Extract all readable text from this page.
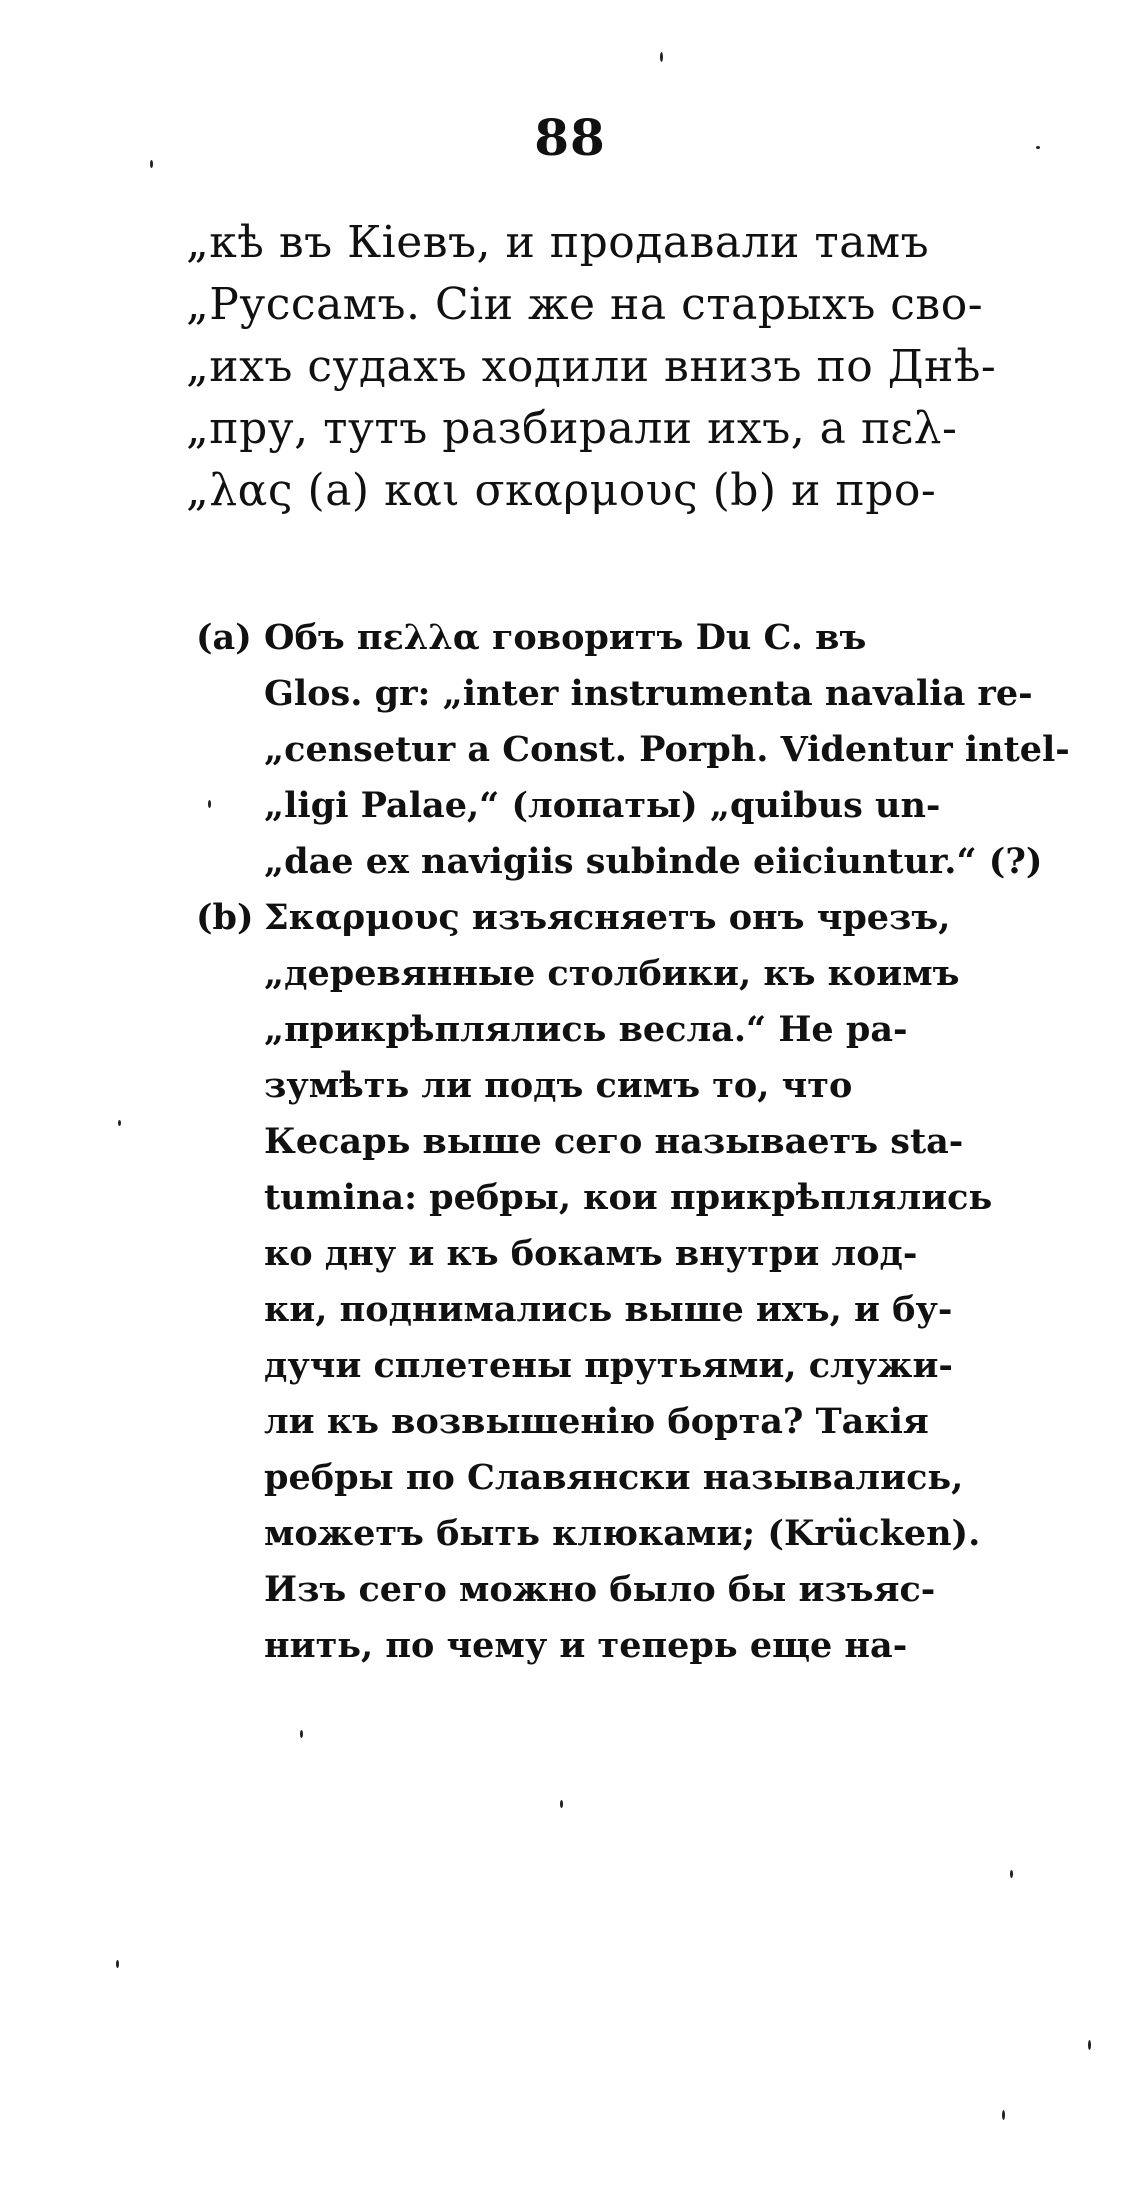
88
„кѣ въ Кiевъ, и продавали тамъ
„Руссамъ. Сiи же на старыхъ сво-
„ихъ судахъ ходили внизъ по Днѣ-
„пру, тутъ разбирали ихъ, а πελ-
„λας (a) και σκαρμους (b) и про-
(a) Объ πελλα говоритъ Du C. въ
Glos. gr: „inter instrumenta navalia re-
„censetur a Const. Porph. Videntur intel-
„ligi Palae,“ (лопаты) „quibus un-
„dae ex navigiis subinde eiiciuntur.“ (?)
(b) Σκαρμους изъясняетъ онъ чрезъ,
„деревянные столбики, къ коимъ
„прикрѣплялись весла.“ Не ра-
зумѣть ли подъ симъ то, что
Кесарь выше сего называетъ sta-
tumina: ребры, кои прикрѣплялись
ко дну и къ бокамъ внутри лод-
ки, поднимались выше ихъ, и бу-
дучи сплетены прутьями, служи-
ли къ возвышенiю борта? Такiя
ребры по Славянски назывались,
можетъ быть клюками; (Krücken).
Изъ сего можно было бы изъяс-
нить, по чему и теперь еще на-
